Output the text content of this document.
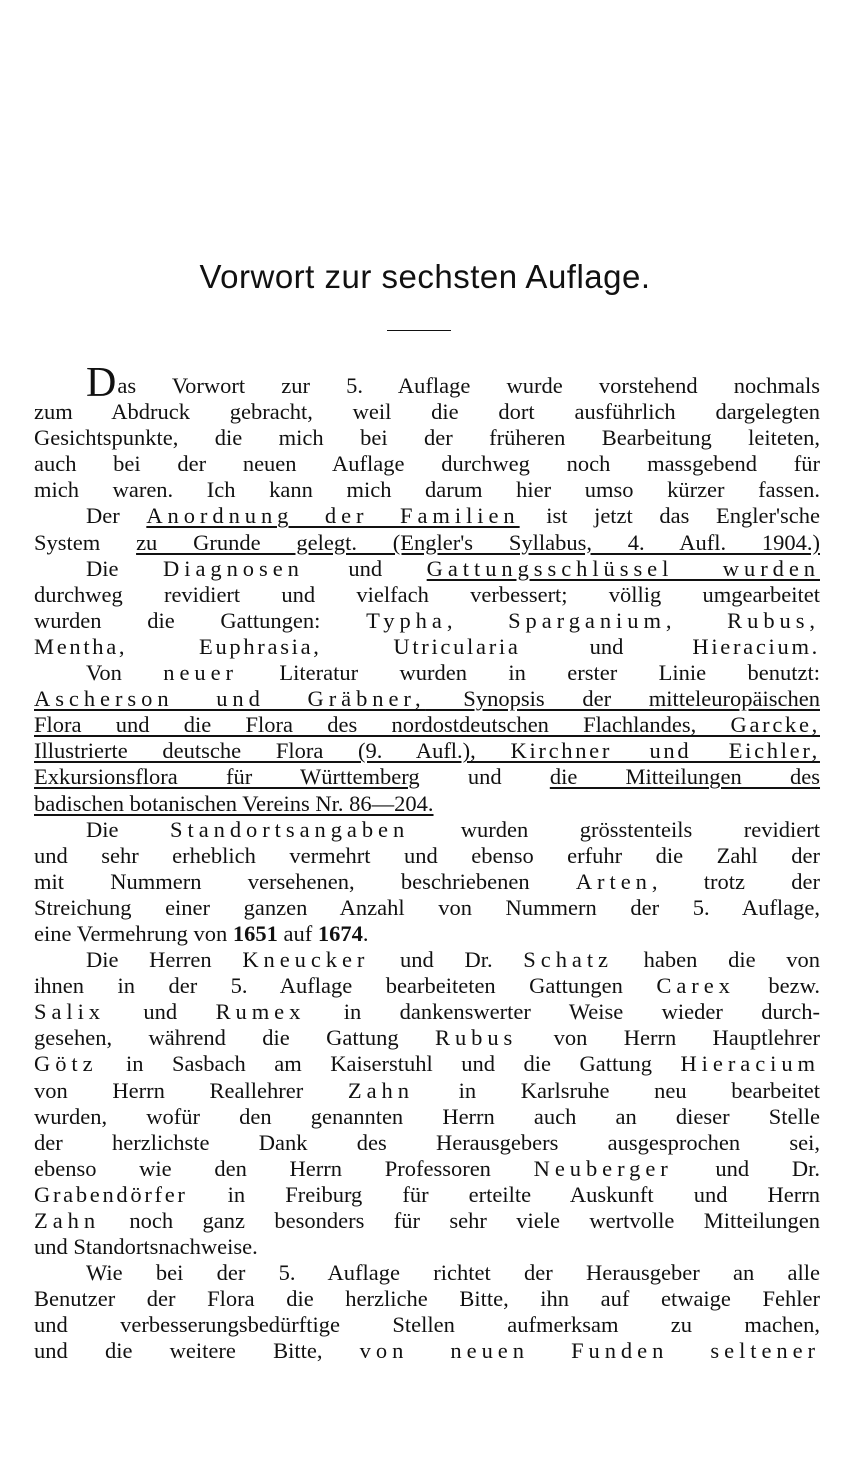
Vorwort zur sechsten Auflage.
Das Vorwort zur 5. Auflage wurde vorstehend nochmals
zum Abdruck gebracht, weil die dort ausführlich dargelegten
Gesichtspunkte, die mich bei der früheren Bearbeitung leiteten,
auch bei der neuen Auflage durchweg noch massgebend für
mich waren. Ich kann mich darum hier umso kürzer fassen.
Der Anordnung der Familien ist jetzt das Engler'sche
System zu Grunde gelegt. (Engler's Syllabus, 4. Aufl. 1904.)
Die Diagnosen und Gattungsschlüssel wurden
durchweg revidiert und vielfach verbessert; völlig umgearbeitet
wurden die Gattungen: Typha, Sparganium, Rubus,
Mentha, Euphrasia, Utricularia und Hieracium.
Von neuer Literatur wurden in erster Linie benutzt:
Ascherson und Gräbner, Synopsis der mitteleuropäischen
Flora und die Flora des nordostdeutschen Flachlandes, Garcke,
Illustrierte deutsche Flora (9. Aufl.), Kirchner und Eichler,
Exkursionsflora für Württemberg und die Mitteilungen des
badischen botanischen Vereins Nr. 86—204.
Die Standortsangaben wurden grösstenteils revidiert
und sehr erheblich vermehrt und ebenso erfuhr die Zahl der
mit Nummern versehenen, beschriebenen Arten, trotz der
Streichung einer ganzen Anzahl von Nummern der 5. Auflage,
eine Vermehrung von 1651 auf 1674.
Die Herren Kneucker und Dr. Schatz haben die von
ihnen in der 5. Auflage bearbeiteten Gattungen Carex bezw.
Salix und Rumex in dankenswerter Weise wieder durch-
gesehen, während die Gattung Rubus von Herrn Hauptlehrer
Götz in Sasbach am Kaiserstuhl und die Gattung Hieracium
von Herrn Reallehrer Zahn in Karlsruhe neu bearbeitet
wurden, wofür den genannten Herrn auch an dieser Stelle
der herzlichste Dank des Herausgebers ausgesprochen sei,
ebenso wie den Herrn Professoren Neuberger und Dr.
Grabendörfer in Freiburg für erteilte Auskunft und Herrn
Zahn noch ganz besonders für sehr viele wertvolle Mitteilungen
und Standortsnachweise.
Wie bei der 5. Auflage richtet der Herausgeber an alle
Benutzer der Flora die herzliche Bitte, ihn auf etwaige Fehler
und verbesserungsbedürftige Stellen aufmerksam zu machen,
und die weitere Bitte, von neuen Funden seltener
